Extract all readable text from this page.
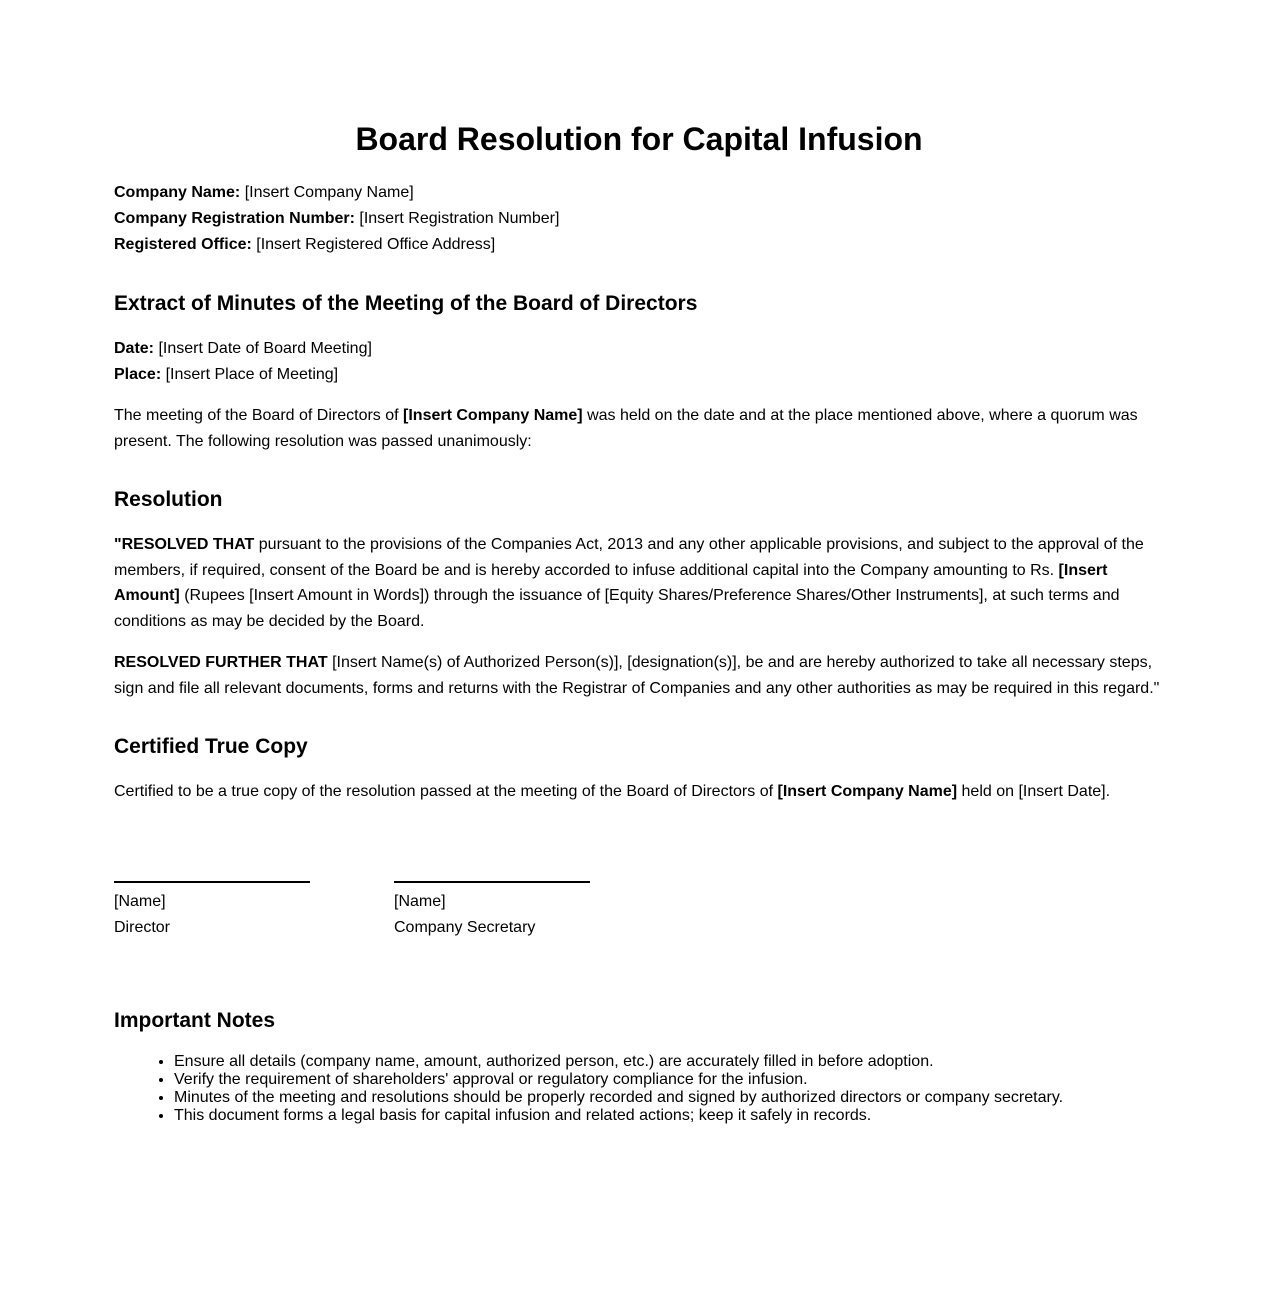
Board Resolution for Capital Infusion
Company Name: [Insert Company Name]
Company Registration Number: [Insert Registration Number]
Registered Office: [Insert Registered Office Address]
Extract of Minutes of the Meeting of the Board of Directors
Date: [Insert Date of Board Meeting]
Place: [Insert Place of Meeting]

The meeting of the Board of Directors of [Insert Company Name] was held on the date and at the place mentioned above, where a quorum was present. The following resolution was passed unanimously:

Resolution

"RESOLVED THAT pursuant to the provisions of the Companies Act, 2013 and any other applicable provisions, and subject to the approval of the members, if required, consent of the Board be and is hereby accorded to infuse additional capital into the Company amounting to Rs. [Insert Amount] (Rupees [Insert Amount in Words]) through the issuance of [Equity Shares/Preference Shares/Other Instruments], at such terms and conditions as may be decided by the Board.

RESOLVED FURTHER THAT [Insert Name(s) of Authorized Person(s)], [designation(s)], be and are hereby authorized to take all necessary steps, sign and file all relevant documents, forms and returns with the Registrar of Companies and any other authorities as may be required in this regard."

Certified True Copy

Certified to be a true copy of the resolution passed at the meeting of the Board of Directors of [Insert Company Name] held on [Insert Date].

[Name]
Director
[Name]
Company Secretary
Important Notes
• Ensure all details (company name, amount, authorized person, etc.) are accurately filled in before adoption.
• Verify the requirement of shareholders' approval or regulatory compliance for the infusion.
• Minutes of the meeting and resolutions should be properly recorded and signed by authorized directors or company secretary.
• This document forms a legal basis for capital infusion and related actions; keep it safely in records.
